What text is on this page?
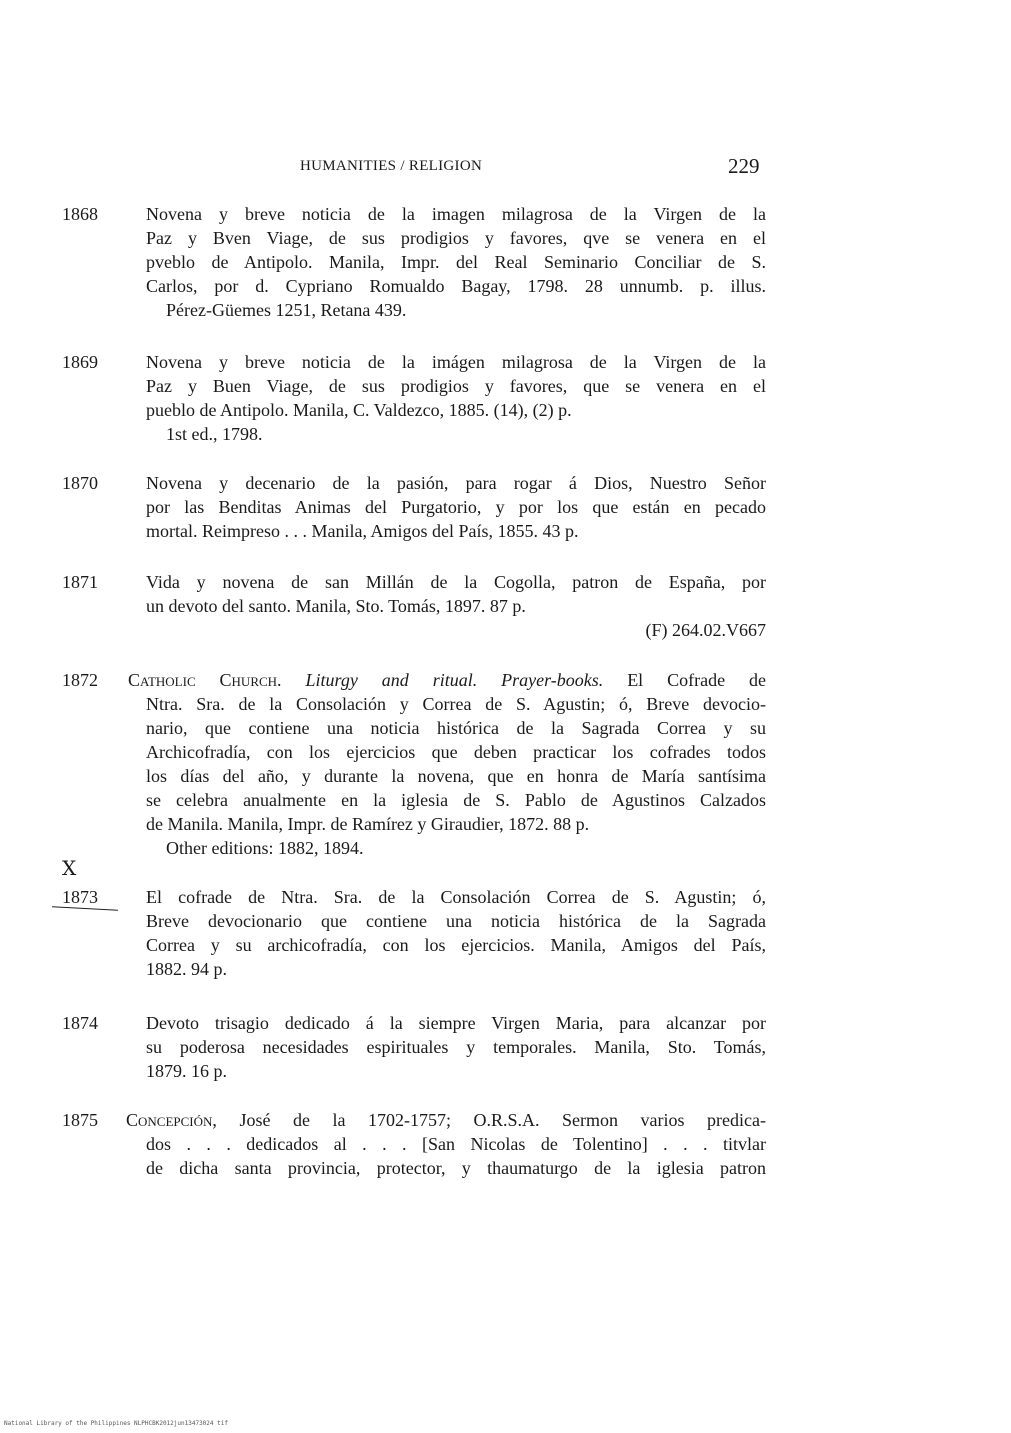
HUMANITIES / RELIGION	229
1868	Novena y breve noticia de la imagen milagrosa de la Virgen de la
Paz y Bven Viage, de sus prodigios y favores, qve se venera en el
pveblo de Antipolo. Manila, Impr. del Real Seminario Conciliar de S.
Carlos, por d. Cypriano Romualdo Bagay, 1798. 28 unnumb. p. illus.
Pérez-Güemes 1251, Retana 439.
1869	Novena y breve noticia de la imágen milagrosa de la Virgen de la
Paz y Buen Viage, de sus prodigios y favores, que se venera en el
pueblo de Antipolo. Manila, C. Valdezco, 1885. (14), (2) p.
1st ed., 1798.
1870	Novena y decenario de la pasión, para rogar á Dios, Nuestro Señor
por las Benditas Animas del Purgatorio, y por los que están en pecado
mortal. Reimpreso . . . Manila, Amigos del País, 1855. 43 p.
1871	Vida y novena de san Millán de la Cogolla, patron de España, por
un devoto del santo. Manila, Sto. Tomás, 1897. 87 p.
(F) 264.02.V667
1872 Catholic Church. Liturgy and ritual. Prayer-books. El Cofrade de
Ntra. Sra. de la Consolación y Correa de S. Agustin; ó, Breve devocio-
nario, que contiene una noticia histórica de la Sagrada Correa y su
Archicofradía, con los ejercicios que deben practicar los cofrades todos
los días del año, y durante la novena, que en honra de María santísima
se celebra anualmente en la iglesia de S. Pablo de Agustinos Calzados
de Manila. Manila, Impr. de Ramírez y Giraudier, 1872. 88 p.
Other editions: 1882, 1894.
X
1873	El cofrade de Ntra. Sra. de la Consolación Correa de S. Agustin; ó,
Breve devocionario que contiene una noticia histórica de la Sagrada
Correa y su archicofradía, con los ejercicios. Manila, Amigos del País,
1882. 94 p.
1874	Devoto trisagio dedicado á la siempre Virgen Maria, para alcanzar por
su poderosa necesidades espirituales y temporales. Manila, Sto. Tomás,
1879. 16 p.
1875 Concepción, José de la 1702-1757; O.R.S.A. Sermon varios predica-
dos . . . dedicados al . . . [San Nicolas de Tolentino] . . . titvlar
de dicha santa provincia, protector, y thaumaturgo de la iglesia patron
National Library of the Philippines NLPHCBK2012jun13473024 tif
